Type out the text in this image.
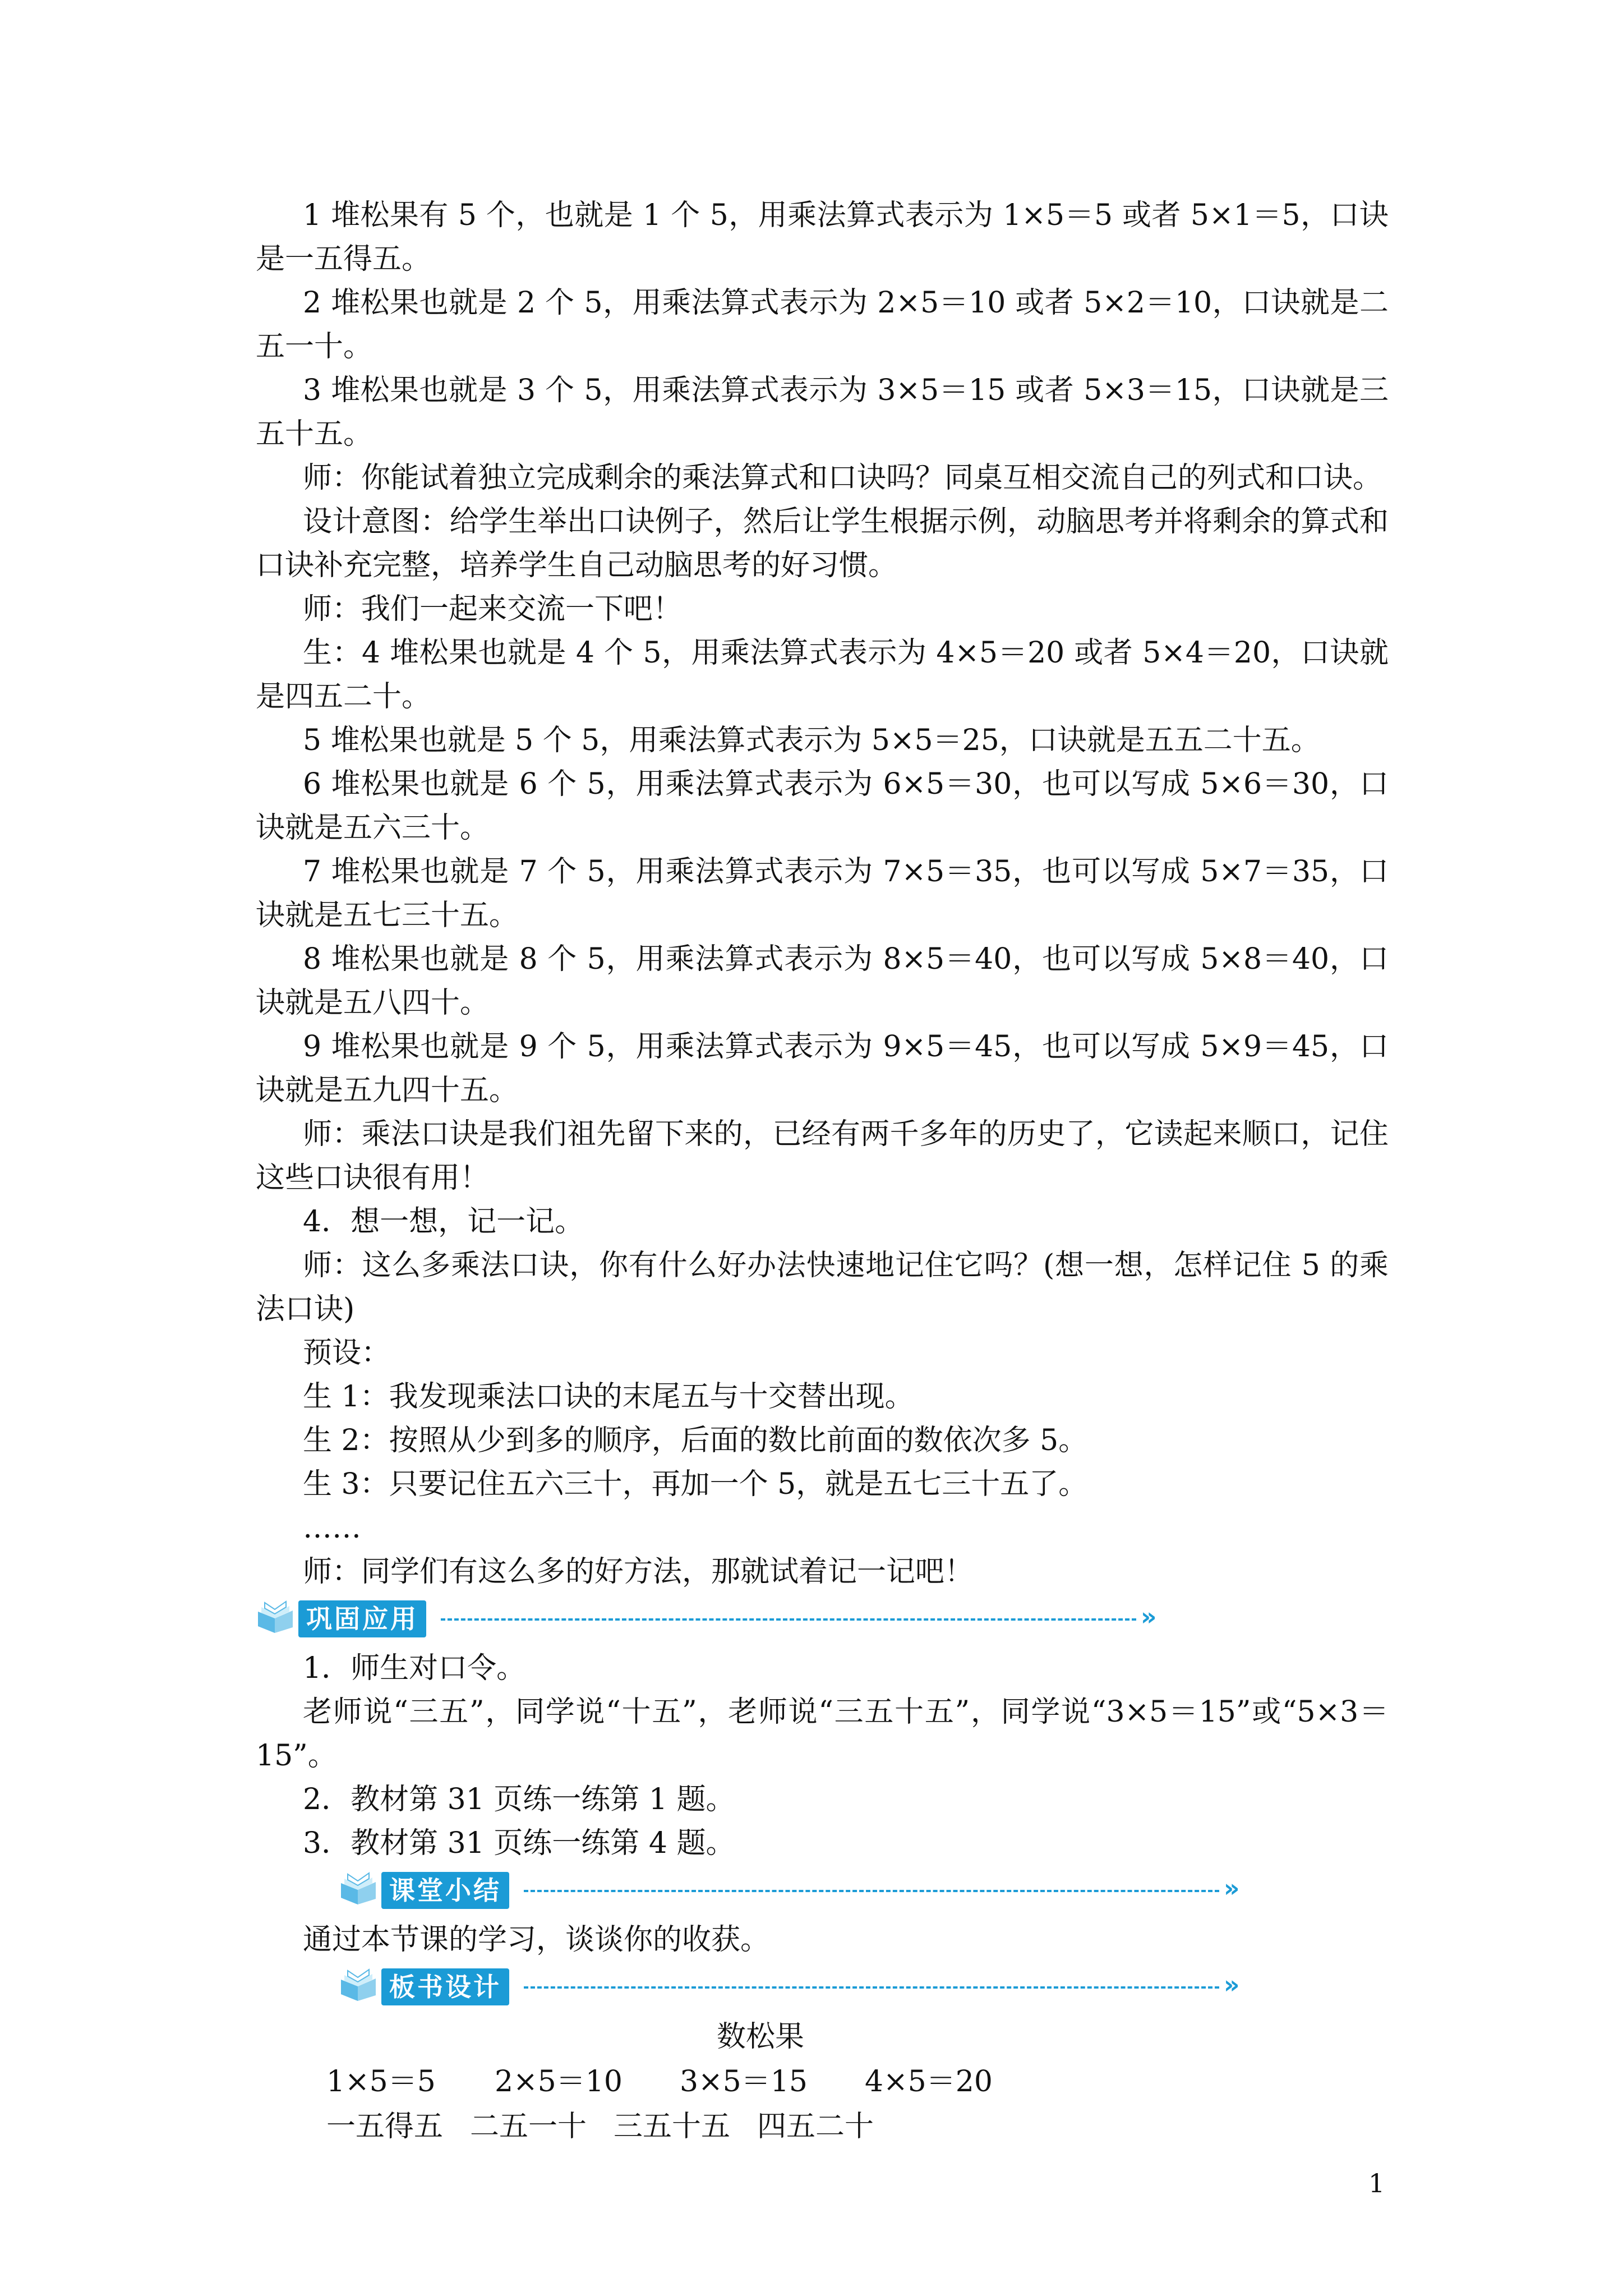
1 堆松果有 5 个，也就是 1 个 5，用乘法算式表示为 1×5＝5 或者 5×1＝5，口诀是一五得五。

2 堆松果也就是 2 个 5，用乘法算式表示为 2×5＝10 或者 5×2＝10，口诀就是二五一十。

3 堆松果也就是 3 个 5，用乘法算式表示为 3×5＝15 或者 5×3＝15，口诀就是三五十五。

师：你能试着独立完成剩余的乘法算式和口诀吗？同桌互相交流自己的列式和口诀。

设计意图：给学生举出口诀例子，然后让学生根据示例，动脑思考并将剩余的算式和口诀补充完整，培养学生自己动脑思考的好习惯。

师：我们一起来交流一下吧！

生：4 堆松果也就是 4 个 5，用乘法算式表示为 4×5＝20 或者 5×4＝20，口诀就是四五二十。

5 堆松果也就是 5 个 5，用乘法算式表示为 5×5＝25，口诀就是五五二十五。

6 堆松果也就是 6 个 5，用乘法算式表示为 6×5＝30，也可以写成 5×6＝30，口诀就是五六三十。

7 堆松果也就是 7 个 5，用乘法算式表示为 7×5＝35，也可以写成 5×7＝35，口诀就是五七三十五。

8 堆松果也就是 8 个 5，用乘法算式表示为 8×5＝40，也可以写成 5×8＝40，口诀就是五八四十。

9 堆松果也就是 9 个 5，用乘法算式表示为 9×5＝45，也可以写成 5×9＝45，口诀就是五九四十五。

师：乘法口诀是我们祖先留下来的，已经有两千多年的历史了，它读起来顺口，记住这些口诀很有用！

4．想一想，记一记。

师：这么多乘法口诀，你有什么好办法快速地记住它吗？(想一想，怎样记住 5 的乘法口诀)

预设：

生 1：我发现乘法口诀的末尾五与十交替出现。

生 2：按照从少到多的顺序，后面的数比前面的数依次多 5。

生 3：只要记住五六三十，再加一个 5，就是五七三十五了。

……

师：同学们有这么多的好方法，那就试着记一记吧！

巩固应用	»

1．师生对口令。

老师说“三五”，同学说“十五”，老师说“三五十五”，同学说“3×5＝15”或“5×3＝15”。

2．教材第 31 页练一练第 1 题。

3．教材第 31 页练一练第 4 题。

课堂小结	»

通过本节课的学习，谈谈你的收获。

板书设计	»
数松果
1×5＝5	2×5＝10	3×5＝15	4×5＝20
一五得五 二五一十 三五十五 四五二十
1
